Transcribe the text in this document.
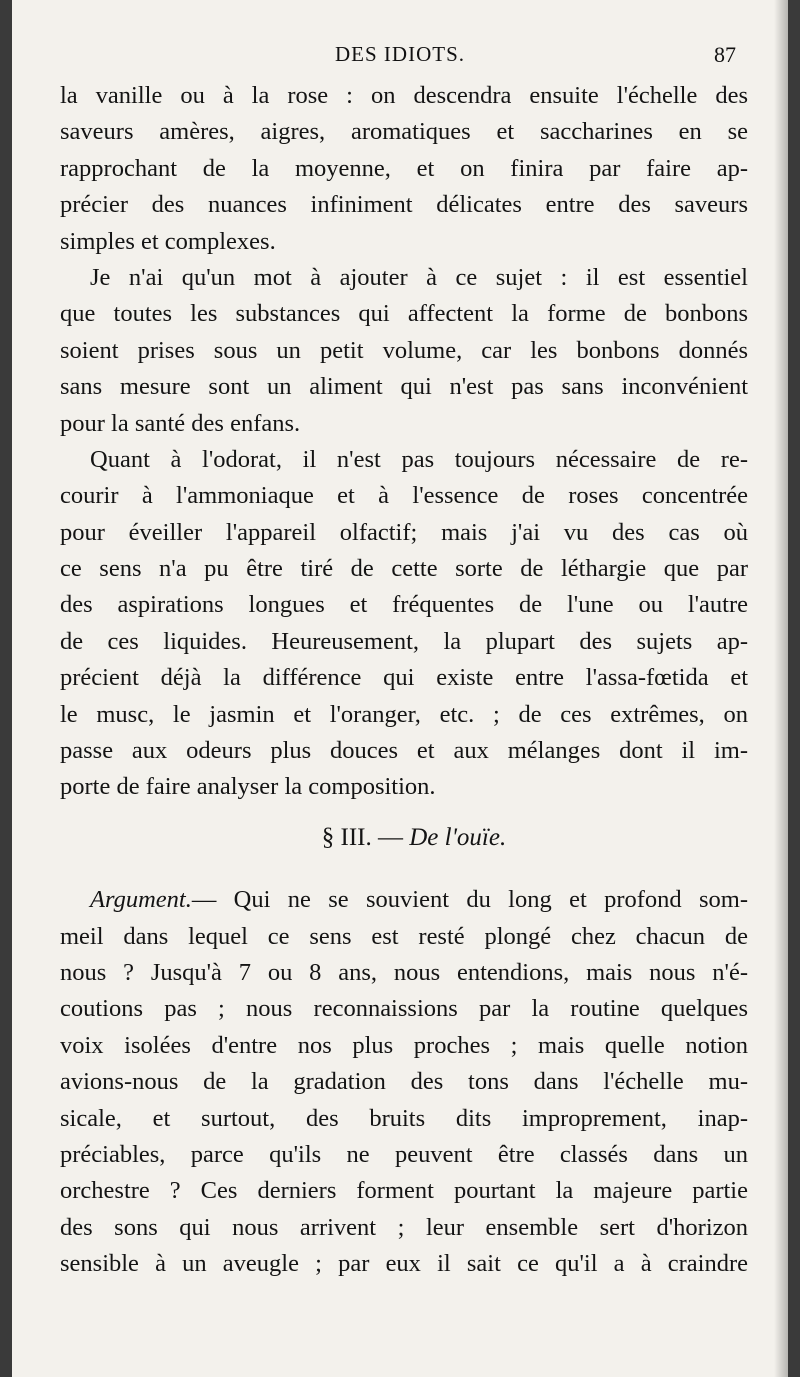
DES IDIOTS.	87
la vanille ou à la rose : on descendra ensuite l'échelle des
saveurs amères, aigres, aromatiques et saccharines en se
rapprochant de la moyenne, et on finira par faire ap-
précier des nuances infiniment délicates entre des saveurs
simples et complexes.
Je n'ai qu'un mot à ajouter à ce sujet : il est essentiel
que toutes les substances qui affectent la forme de bonbons
soient prises sous un petit volume, car les bonbons donnés
sans mesure sont un aliment qui n'est pas sans inconvénient
pour la santé des enfans.
Quant à l'odorat, il n'est pas toujours nécessaire de re-
courir à l'ammoniaque et à l'essence de roses concentrée
pour éveiller l'appareil olfactif; mais j'ai vu des cas où
ce sens n'a pu être tiré de cette sorte de léthargie que par
des aspirations longues et fréquentes de l'une ou l'autre
de ces liquides. Heureusement, la plupart des sujets ap-
précient déjà la différence qui existe entre l'assa-fœtida et
le musc, le jasmin et l'oranger, etc. ; de ces extrêmes, on
passe aux odeurs plus douces et aux mélanges dont il im-
porte de faire analyser la composition.
§ III. — De l'ouïe.
Argument.— Qui ne se souvient du long et profond som-
meil dans lequel ce sens est resté plongé chez chacun de
nous ? Jusqu'à 7 ou 8 ans, nous entendions, mais nous n'é-
coutions pas ; nous reconnaissions par la routine quelques
voix isolées d'entre nos plus proches ; mais quelle notion
avions-nous de la gradation des tons dans l'échelle mu-
sicale, et surtout, des bruits dits improprement, inap-
préciables, parce qu'ils ne peuvent être classés dans un
orchestre ? Ces derniers forment pourtant la majeure partie
des sons qui nous arrivent ; leur ensemble sert d'horizon
sensible à un aveugle ; par eux il sait ce qu'il a à craindre
